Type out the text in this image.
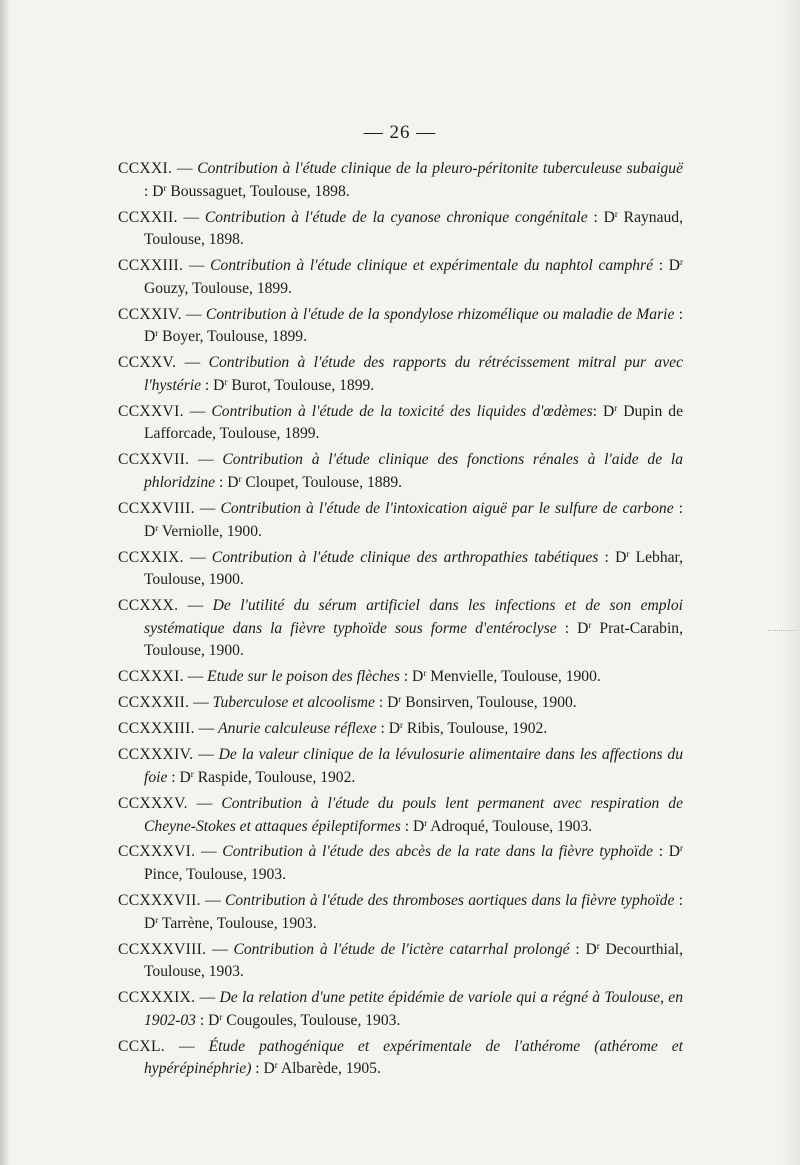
— 26 —

CCXXI. — Contribution à l'étude clinique de la pleuro-péritonite tuberculeuse subaiguë : $D^r$ Boussaguet, Toulouse, 1898.

CCXXII. — Contribution à l'étude de la cyanose chronique congénitale : $D^r$ Raynaud, Toulouse, 1898.

CCXXIII. — Contribution à l'étude clinique et expérimentale du naphtol camphré : $D^r$ Gouzy, Toulouse, 1899.

CCXXIV. — Contribution à l'étude de la spondylose rhizomélique ou maladie de Marie : $D^r$ Boyer, Toulouse, 1899.

CCXXV. — Contribution à l'étude des rapports du rétrécissement mitral pur avec l'hystérie : $D^r$ Burot, Toulouse, 1899.

CCXXVI. — Contribution à l'étude de la toxicité des liquides d'œdèmes: $D^r$ Dupin de Lafforcade, Toulouse, 1899.

CCXXVII. — Contribution à l'étude clinique des fonctions rénales à l'aide de la phloridzine : $D^r$ Cloupet, Toulouse, 1889.

CCXXVIII. — Contribution à l'étude de l'intoxication aiguë par le sulfure de carbone : $D^r$ Verniolle, 1900.

CCXXIX. — Contribution à l'étude clinique des arthropathies tabétiques : $D^r$ Lebhar, Toulouse, 1900.

CCXXX. — De l'utilité du sérum artificiel dans les infections et de son emploi systématique dans la fièvre typhoïde sous forme d'entéroclyse : $D^r$ Prat-Carabin, Toulouse, 1900.

CCXXXI. — Etude sur le poison des flèches : $D^r$ Menvielle, Toulouse, 1900.

CCXXXII. — Tuberculose et alcoolisme : $D^r$ Bonsirven, Toulouse, 1900.

CCXXXIII. — Anurie calculeuse réflexe : $D^r$ Ribis, Toulouse, 1902.

CCXXXIV. — De la valeur clinique de la lévulosurie alimentaire dans les affections du foie : $D^r$ Raspide, Toulouse, 1902.

CCXXXV. — Contribution à l'étude du pouls lent permanent avec respiration de Cheyne-Stokes et attaques épileptiformes : $D^r$ Adroqué, Toulouse, 1903.

CCXXXVI. — Contribution à l'étude des abcès de la rate dans la fièvre typhoïde : $D^r$ Pince, Toulouse, 1903.

CCXXXVII. — Contribution à l'étude des thromboses aortiques dans la fièvre typhoïde : $D^r$ Tarrène, Toulouse, 1903.

CCXXXVIII. — Contribution à l'étude de l'ictère catarrhal prolongé : $D^r$ Decourthial, Toulouse, 1903.

CCXXXIX. — De la relation d'une petite épidémie de variole qui a régné à Toulouse, en 1902-03 : $D^r$ Cougoules, Toulouse, 1903.

CCXL. — Étude pathogénique et expérimentale de l'athérome (athérome et hypérépinéphrie) : $D^r$ Albarède, 1905.
